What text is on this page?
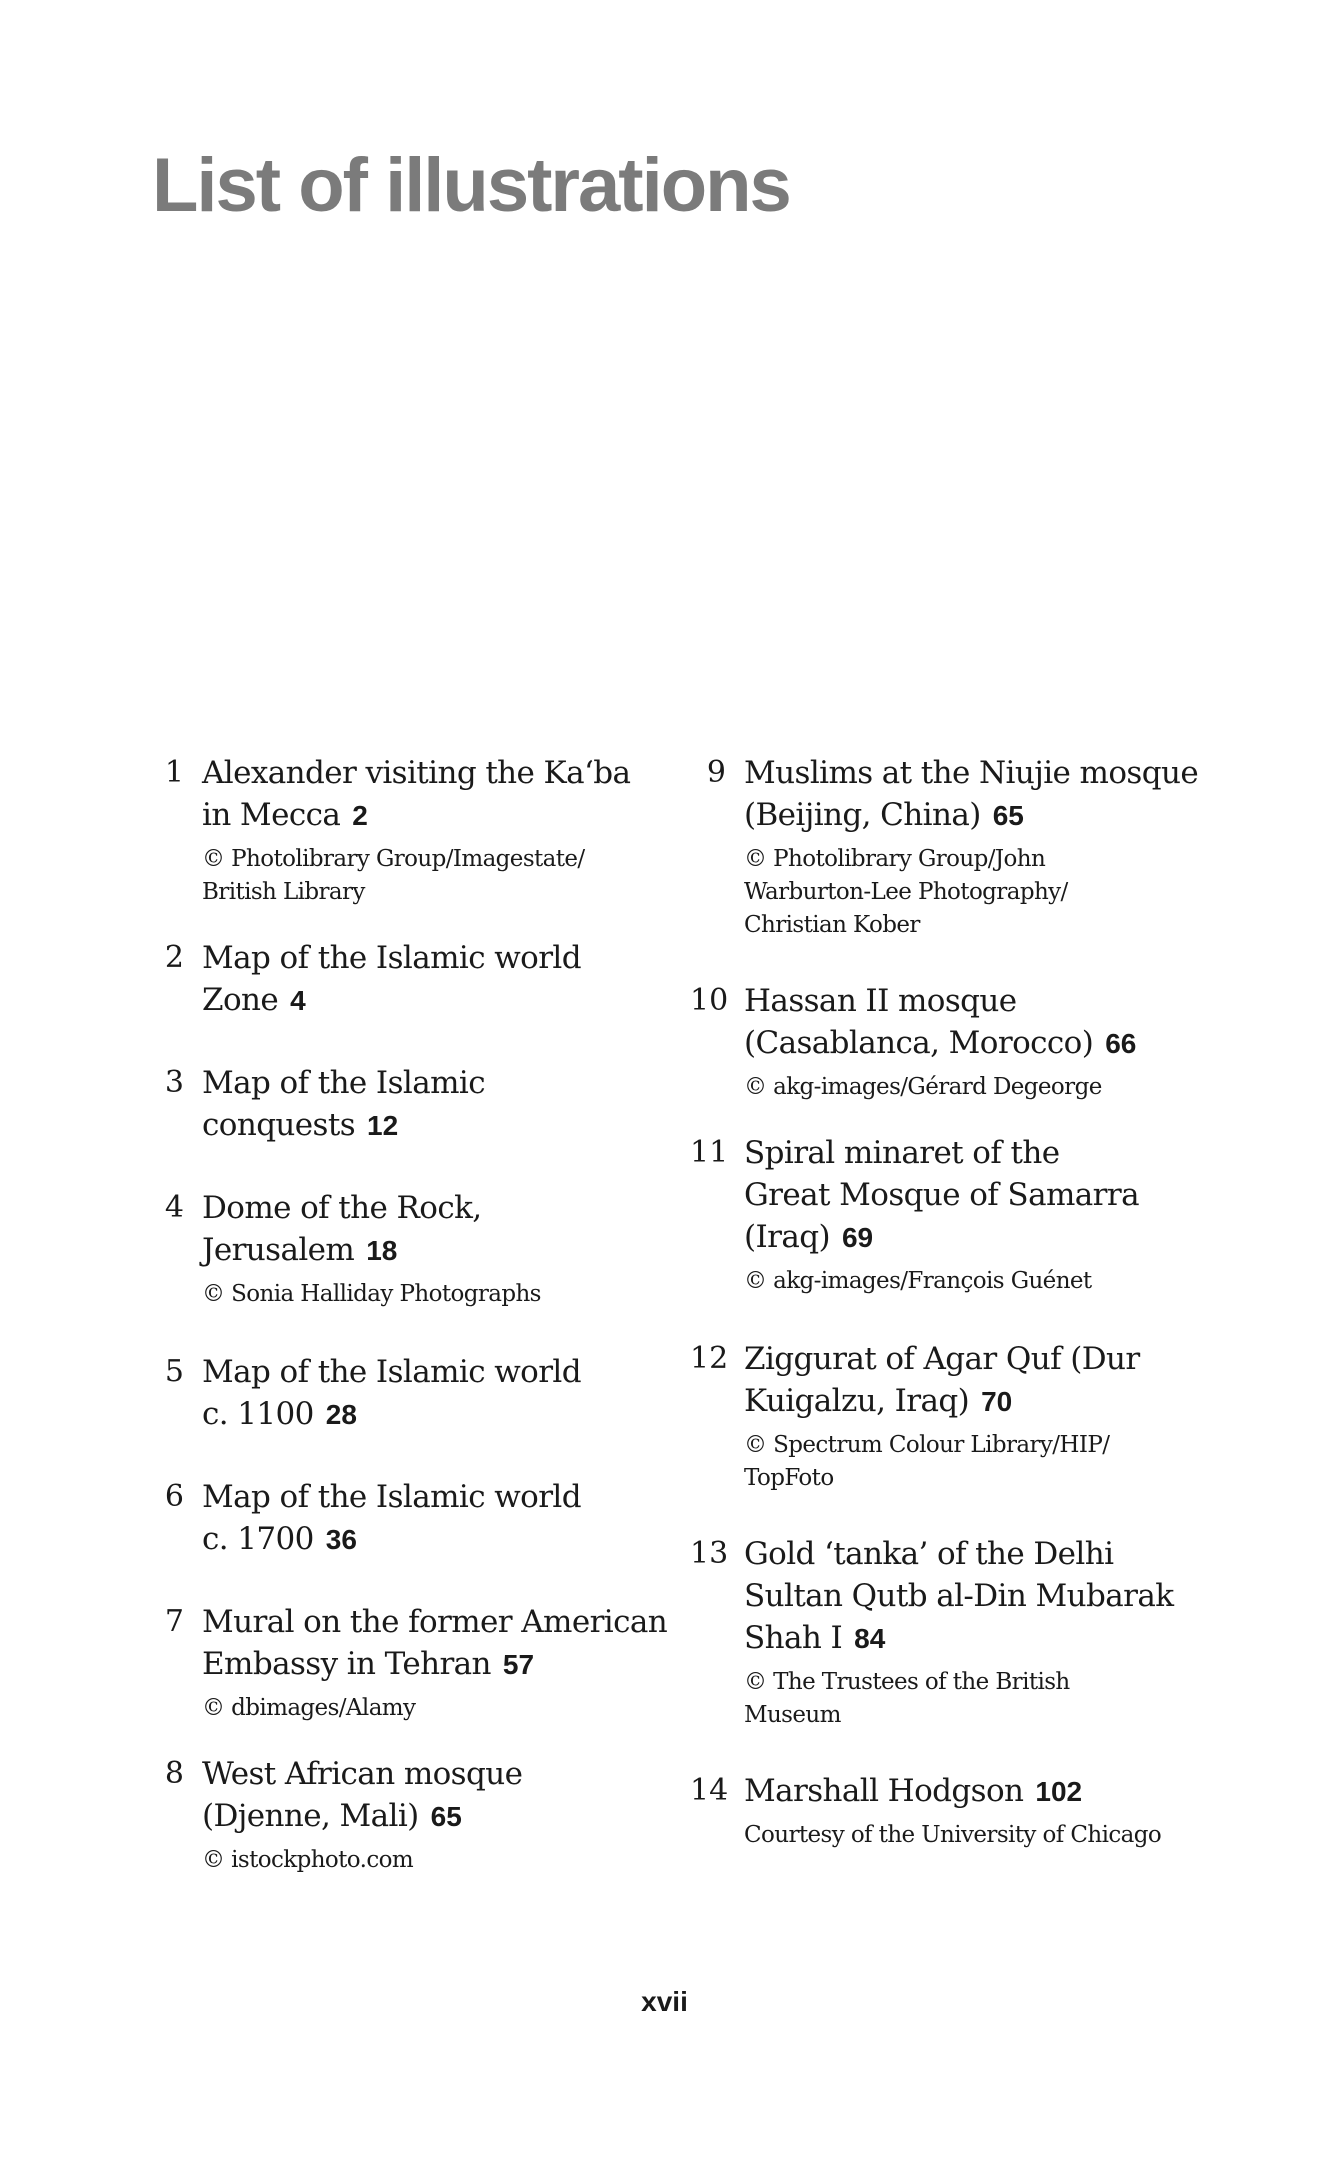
List of illustrations
1 Alexander visiting the Ka‘ba in Mecca 2
© Photolibrary Group/Imagestate/ British Library
2 Map of the Islamic world Zone 4
3 Map of the Islamic conquests 12
4 Dome of the Rock, Jerusalem 18
© Sonia Halliday Photographs
5 Map of the Islamic world c. 1100 28
6 Map of the Islamic world c. 1700 36
7 Mural on the former American Embassy in Tehran 57
© dbimages/Alamy
8 West African mosque (Djenne, Mali) 65
© istockphoto.com
9 Muslims at the Niujie mosque (Beijing, China) 65
© Photolibrary Group/John Warburton-Lee Photography/ Christian Kober
10 Hassan II mosque (Casablanca, Morocco) 66
© akg-images/Gérard Degeorge
11 Spiral minaret of the Great Mosque of Samarra (Iraq) 69
© akg-images/François Guénet
12 Ziggurat of Agar Quf (Dur Kuigalzu, Iraq) 70
© Spectrum Colour Library/HIP/ TopFoto
13 Gold ‘tanka’ of the Delhi Sultan Qutb al-Din Mubarak Shah I 84
© The Trustees of the British Museum
14 Marshall Hodgson 102
Courtesy of the University of Chicago
xvii
